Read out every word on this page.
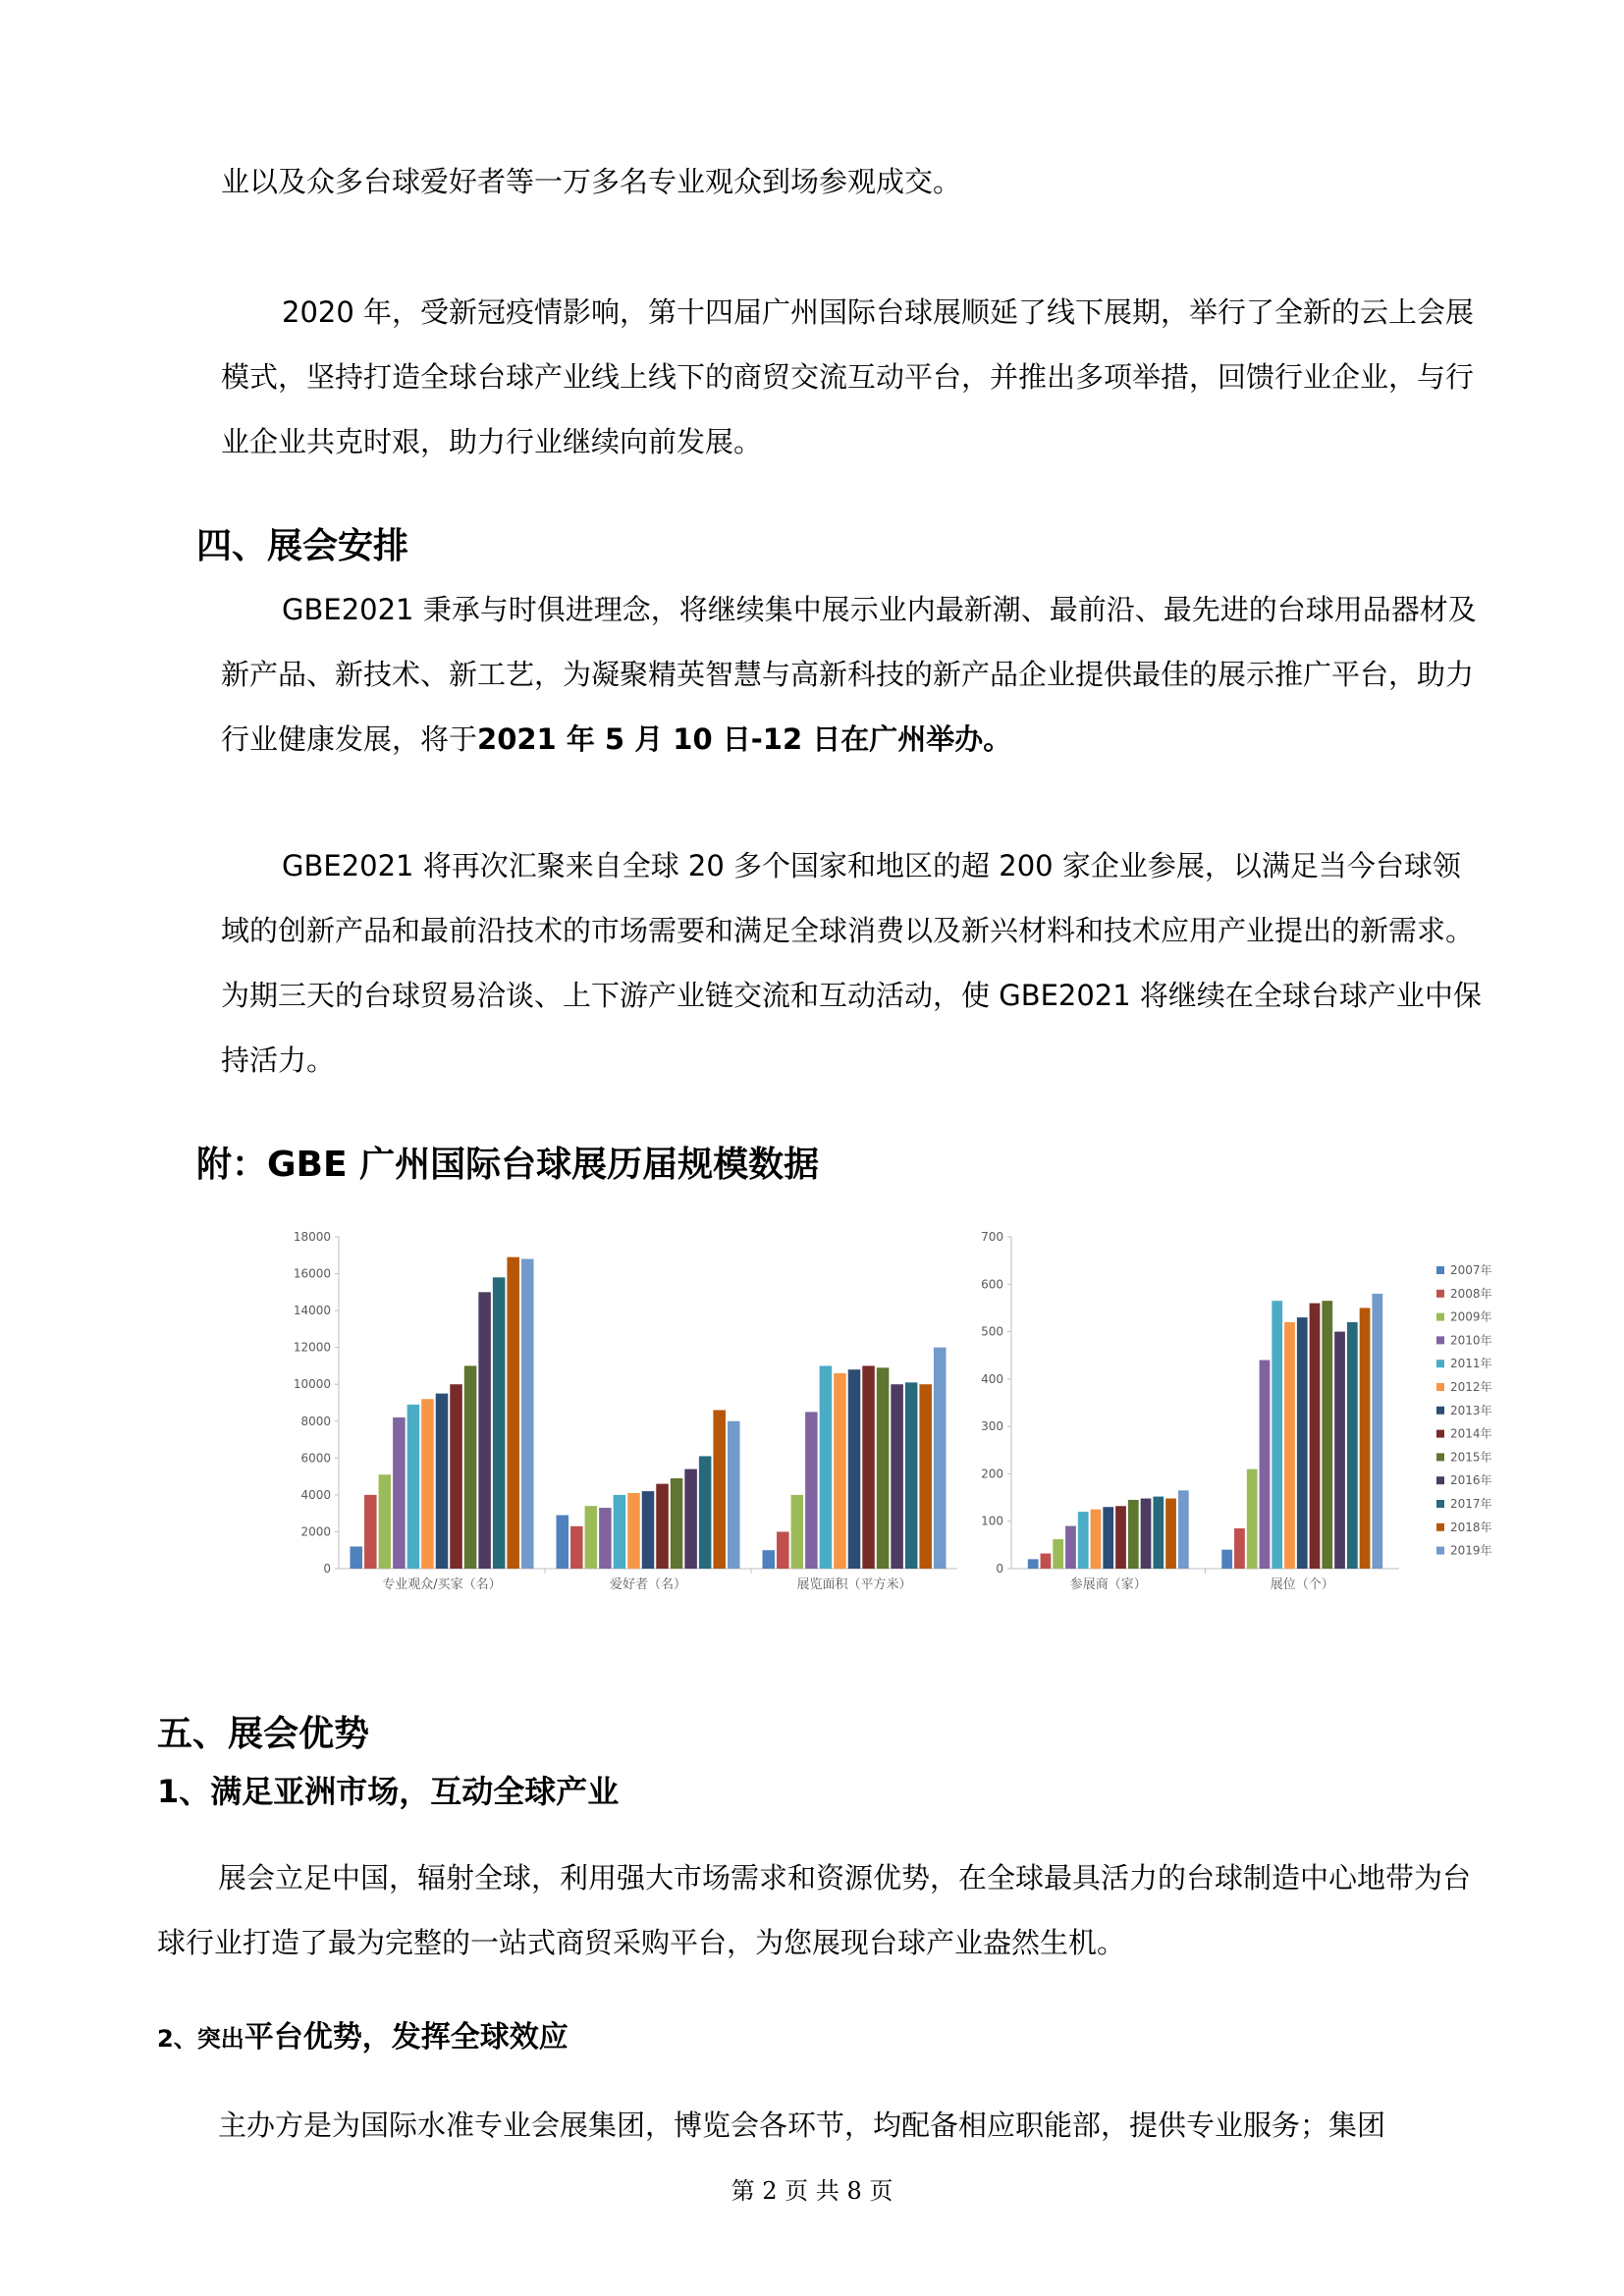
业以及众多台球爱好者等一万多名专业观众到场参观成交。

2020 年，受新冠疫情影响，第十四届广州国际台球展顺延了线下展期，举行了全新的云上会展模式，坚持打造全球台球产业线上线下的商贸交流互动平台，并推出多项举措，回馈行业企业，与行业企业共克时艰，助力行业继续向前发展。

四、展会安排

GBE2021 秉承与时俱进理念，将继续集中展示业内最新潮、最前沿、最先进的台球用品器材及新产品、新技术、新工艺，为凝聚精英智慧与高新科技的新产品企业提供最佳的展示推广平台，助力行业健康发展，将于2021 年 5 月 10 日-12 日在广州举办。

GBE2021 将再次汇聚来自全球 20 多个国家和地区的超 200 家企业参展，以满足当今台球领域的创新产品和最前沿技术的市场需要和满足全球消费以及新兴材料和技术应用产业提出的新需求。为期三天的台球贸易洽谈、上下游产业链交流和互动活动，使 GBE2021 将继续在全球台球产业中保持活力。

附：GBE 广州国际台球展历届规模数据
0
2000
4000
6000
8000
10000
12000
14000
16000
18000
专业观众/买家（名）	爱好者（名）	展览面积（平方米）
0
100
200
300
400
500
600
700
参展商（家）	展位（个）
2007年
2008年
2009年
2010年
2011年
2012年
2013年
2014年
2015年
2016年
2017年
2018年
2019年
五、展会优势
1、满足亚洲市场，互动全球产业

展会立足中国，辐射全球，利用强大市场需求和资源优势，在全球最具活力的台球制造中心地带为台球行业打造了最为完整的一站式商贸采购平台，为您展现台球产业盎然生机。

2、突出平台优势，发挥全球效应

主办方是为国际水准专业会展集团，博览会各环节，均配备相应职能部，提供专业服务；集团

第 2 页 共 8 页
